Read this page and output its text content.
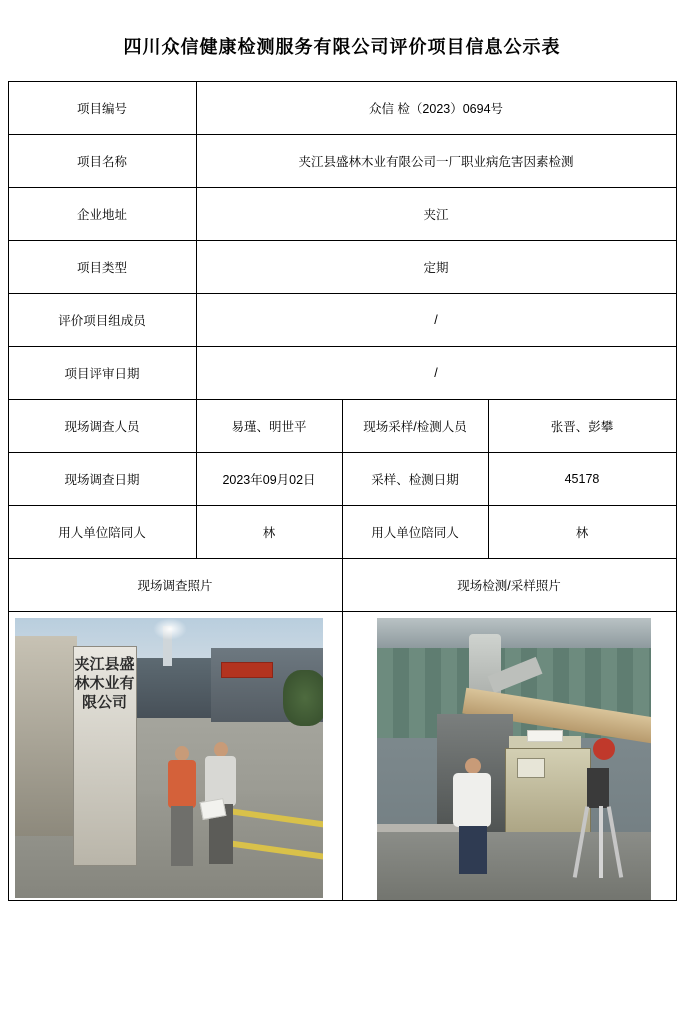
四川众信健康检测服务有限公司评价项目信息公示表
项目编号	众信 检（2023）0694号		
项目名称	夹江县盛林木业有限公司一厂职业病危害因素检测		
企业地址	夹江		
项目类型	定期		
评价项目组成员	/		
项目评审日期	/		
现场调查人员	易瑾、明世平	现场采样/检测人员	张晋、彭攀
现场调查日期	2023年09月02日	采样、检测日期	45178
用人单位陪同人	林	用人单位陪同人	林
现场调查照片		现场检测/采样照片	

夹江县盛林木业有限公司			
